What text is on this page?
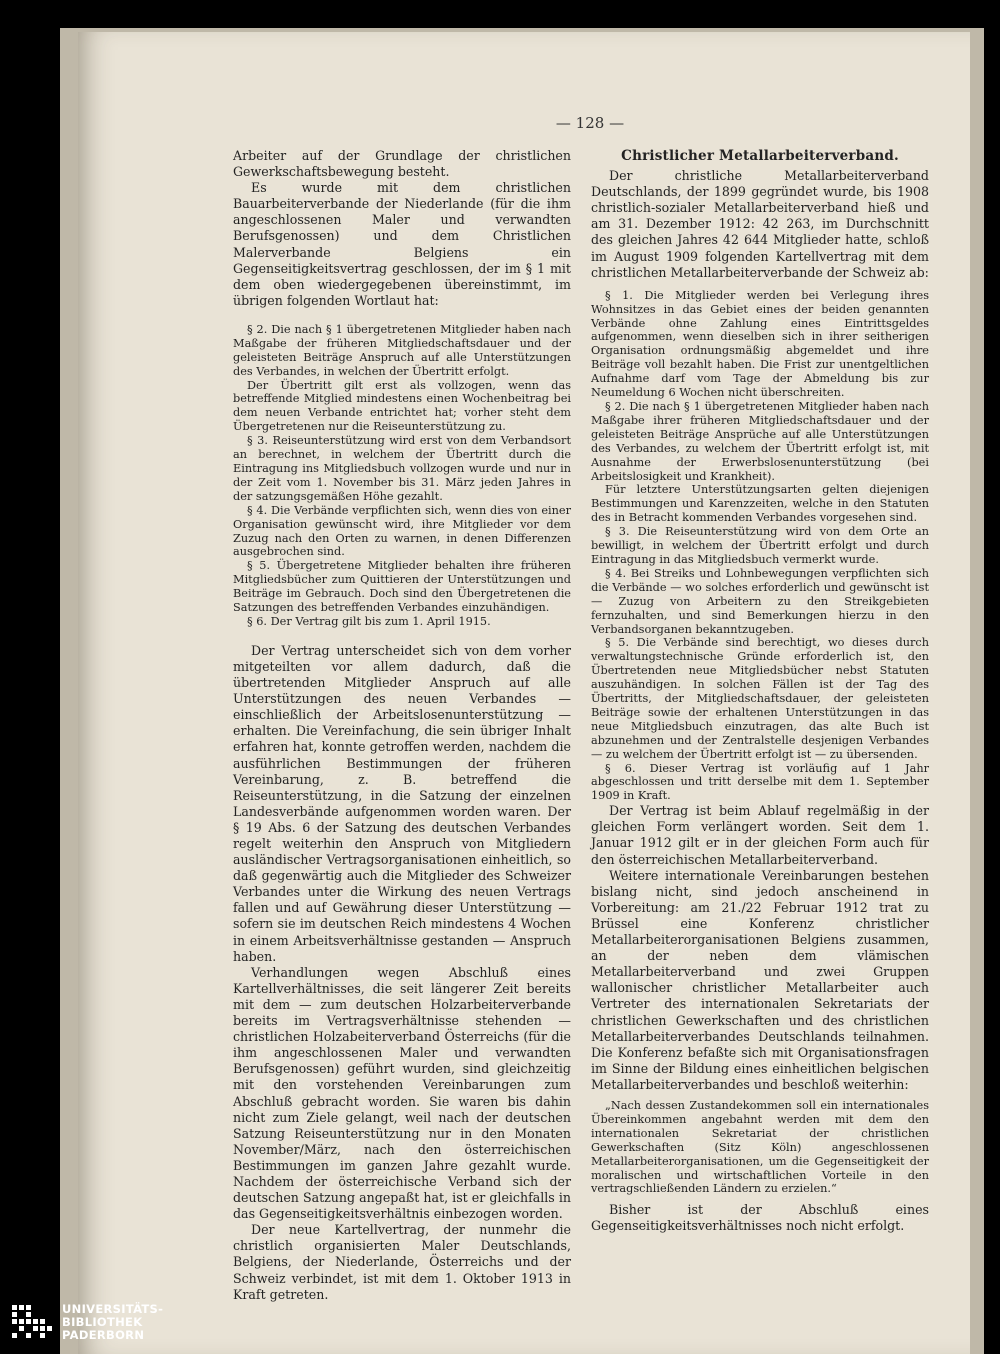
— 128 —

Arbeiter auf der Grundlage der christlichen Gewerkschaftsbewegung besteht.

Es wurde mit dem christlichen Bauarbeiterverbande der Niederlande (für die ihm angeschlossenen Maler und verwandten Berufsgenossen) und dem Christlichen Malerverbande Belgiens ein Gegenseitigkeitsvertrag geschlossen, der im § 1 mit dem oben wiedergegebenen übereinstimmt, im übrigen folgenden Wortlaut hat:

§ 2. Die nach § 1 übergetretenen Mitglieder haben nach Maßgabe der früheren Mitgliedschaftsdauer und der geleisteten Beiträge Anspruch auf alle Unterstützungen des Verbandes, in welchen der Übertritt erfolgt.

Der Übertritt gilt erst als vollzogen, wenn das betreffende Mitglied mindestens einen Wochenbeitrag bei dem neuen Verbande entrichtet hat; vorher steht dem Übergetretenen nur die Reiseunterstützung zu.

§ 3. Reiseunterstützung wird erst von dem Verbandsort an berechnet, in welchem der Übertritt durch die Eintragung ins Mitgliedsbuch vollzogen wurde und nur in der Zeit vom 1. November bis 31. März jeden Jahres in der satzungsgemäßen Höhe gezahlt.

§ 4. Die Verbände verpflichten sich, wenn dies von einer Organisation gewünscht wird, ihre Mitglieder vor dem Zuzug nach den Orten zu warnen, in denen Differenzen ausgebrochen sind.

§ 5. Übergetretene Mitglieder behalten ihre früheren Mitgliedsbücher zum Quittieren der Unterstützungen und Beiträge im Gebrauch. Doch sind den Übergetretenen die Satzungen des betreffenden Verbandes einzuhändigen.

§ 6. Der Vertrag gilt bis zum 1. April 1915.

Der Vertrag unterscheidet sich von dem vorher mitgeteilten vor allem dadurch, daß die übertretenden Mitglieder Anspruch auf alle Unterstützungen des neuen Verbandes — einschließlich der Arbeitslosenunterstützung — erhalten. Die Vereinfachung, die sein übriger Inhalt erfahren hat, konnte getroffen werden, nachdem die ausführlichen Bestimmungen der früheren Vereinbarung, z. B. betreffend die Reiseunterstützung, in die Satzung der einzelnen Landesverbände aufgenommen worden waren. Der § 19 Abs. 6 der Satzung des deutschen Verbandes regelt weiterhin den Anspruch von Mitgliedern ausländischer Vertragsorganisationen einheitlich, so daß gegenwärtig auch die Mitglieder des Schweizer Verbandes unter die Wirkung des neuen Vertrags fallen und auf Gewährung dieser Unterstützung — sofern sie im deutschen Reich mindestens 4 Wochen in einem Arbeitsverhältnisse gestanden — Anspruch haben.

Verhandlungen wegen Abschluß eines Kartellverhältnisses, die seit längerer Zeit bereits mit dem — zum deutschen Holzarbeiterverbande bereits im Vertragsverhältnisse stehenden — christlichen Holzabeiterverband Österreichs (für die ihm angeschlossenen Maler und verwandten Berufsgenossen) geführt wurden, sind gleichzeitig mit den vorstehenden Vereinbarungen zum Abschluß gebracht worden. Sie waren bis dahin nicht zum Ziele gelangt, weil nach der deutschen Satzung Reiseunterstützung nur in den Monaten November/März, nach den österreichischen Bestimmungen im ganzen Jahre gezahlt wurde. Nachdem der österreichische Verband sich der deutschen Satzung angepaßt hat, ist er gleichfalls in das Gegenseitigkeitsverhältnis einbezogen worden.

Der neue Kartellvertrag, der nunmehr die christlich organisierten Maler Deutschlands, Belgiens, der Niederlande, Österreichs und der Schweiz verbindet, ist mit dem 1. Oktober 1913 in Kraft getreten.

Christlicher Metallarbeiterverband.

Der christliche Metallarbeiterverband Deutschlands, der 1899 gegründet wurde, bis 1908 christlich-sozialer Metallarbeiterverband hieß und am 31. Dezember 1912: 42 263, im Durchschnitt des gleichen Jahres 42 644 Mitglieder hatte, schloß im August 1909 folgenden Kartellvertrag mit dem christlichen Metallarbeiterverbande der Schweiz ab:

§ 1. Die Mitglieder werden bei Verlegung ihres Wohnsitzes in das Gebiet eines der beiden genannten Verbände ohne Zahlung eines Eintrittsgeldes aufgenommen, wenn dieselben sich in ihrer seitherigen Organisation ordnungsmäßig abgemeldet und ihre Beiträge voll bezahlt haben. Die Frist zur unentgeltlichen Aufnahme darf vom Tage der Abmeldung bis zur Neumeldung 6 Wochen nicht überschreiten.

§ 2. Die nach § 1 übergetretenen Mitglieder haben nach Maßgabe ihrer früheren Mitgliedschaftsdauer und der geleisteten Beiträge Ansprüche auf alle Unterstützungen des Verbandes, zu welchem der Übertritt erfolgt ist, mit Ausnahme der Erwerbslosenunterstützung (bei Arbeitslosigkeit und Krankheit).

Für letztere Unterstützungsarten gelten diejenigen Bestimmungen und Karenzzeiten, welche in den Statuten des in Betracht kommenden Verbandes vorgesehen sind.

§ 3. Die Reiseunterstützung wird von dem Orte an bewilligt, in welchem der Übertritt erfolgt und durch Eintragung in das Mitgliedsbuch vermerkt wurde.

§ 4. Bei Streiks und Lohnbewegungen verpflichten sich die Verbände — wo solches erforderlich und gewünscht ist — Zuzug von Arbeitern zu den Streikgebieten fernzuhalten, und sind Bemerkungen hierzu in den Verbandsorganen bekanntzugeben.

§ 5. Die Verbände sind berechtigt, wo dieses durch verwaltungstechnische Gründe erforderlich ist, den Übertretenden neue Mitgliedsbücher nebst Statuten auszuhändigen. In solchen Fällen ist der Tag des Übertritts, der Mitgliedschaftsdauer, der geleisteten Beiträge sowie der erhaltenen Unterstützungen in das neue Mitgliedsbuch einzutragen, das alte Buch ist abzunehmen und der Zentralstelle desjenigen Verbandes — zu welchem der Übertritt erfolgt ist — zu übersenden.

§ 6. Dieser Vertrag ist vorläufig auf 1 Jahr abgeschlossen und tritt derselbe mit dem 1. September 1909 in Kraft.

Der Vertrag ist beim Ablauf regelmäßig in der gleichen Form verlängert worden. Seit dem 1. Januar 1912 gilt er in der gleichen Form auch für den österreichischen Metallarbeiterverband.

Weitere internationale Vereinbarungen bestehen bislang nicht, sind jedoch anscheinend in Vorbereitung: am 21./22 Februar 1912 trat zu Brüssel eine Konferenz christlicher Metallarbeiterorganisationen Belgiens zusammen, an der neben dem vlämischen Metallarbeiterverband und zwei Gruppen wallonischer christlicher Metallarbeiter auch Vertreter des internationalen Sekretariats der christlichen Gewerkschaften und des christlichen Metallarbeiterverbandes Deutschlands teilnahmen. Die Konferenz befaßte sich mit Organisationsfragen im Sinne der Bildung eines einheitlichen belgischen Metallarbeiterverbandes und beschloß weiterhin:

„Nach dessen Zustandekommen soll ein internationales Übereinkommen angebahnt werden mit dem den internationalen Sekretariat der christlichen Gewerkschaften (Sitz Köln) angeschlossenen Metallarbeiterorganisationen, um die Gegenseitigkeit der moralischen und wirtschaftlichen Vorteile in den vertragschließenden Ländern zu erzielen.“

Bisher ist der Abschluß eines Gegenseitigkeitsverhältnisses noch nicht erfolgt.

UNIVERSITÄTS-
BIBLIOTHEK
PADERBORN
